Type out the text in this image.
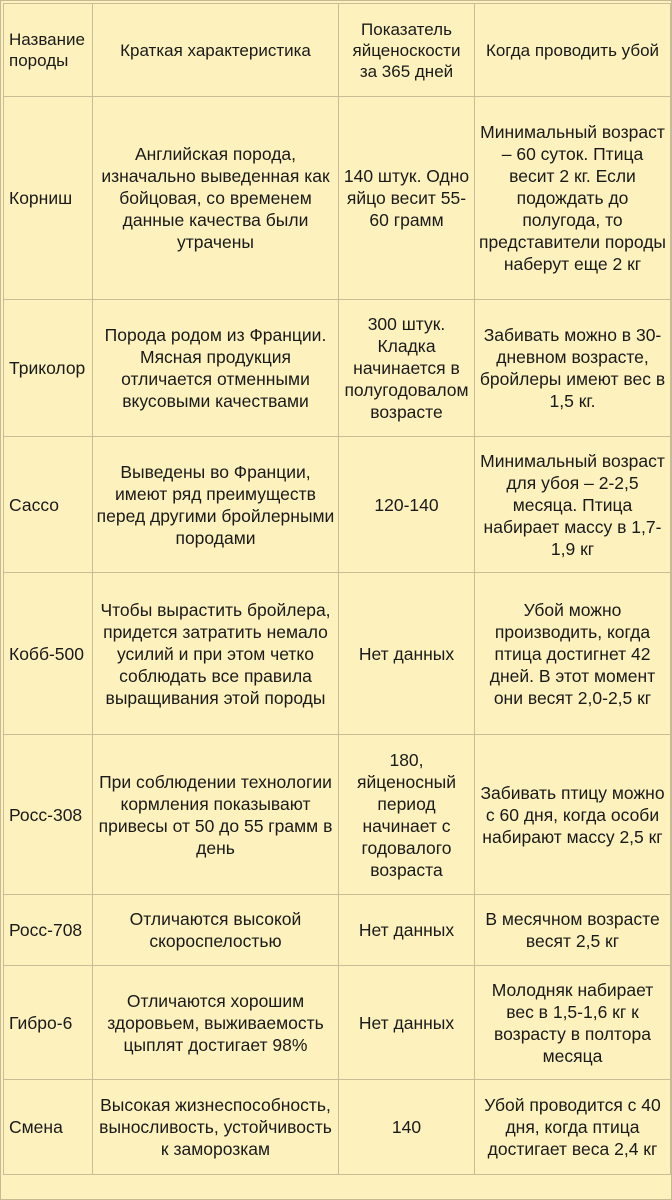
Название породы	Краткая характеристика	Показатель яйценоскости за 365 дней	Когда проводить убой
Корниш	Английская порода, изначально выведенная как бойцовая, со временем данные качества были утрачены	140 штук. Одно яйцо весит 55-60 грамм	Минимальный возраст – 60 суток. Птица весит 2 кг. Если подождать до полугода, то представители породы наберут еще 2 кг
Триколор	Порода родом из Франции. Мясная продукция отличается отменными вкусовыми качествами	300 штук. Кладка начинается в полугодовалом возрасте	Забивать можно в 30-дневном возрасте, бройлеры имеют вес в 1,5 кг.
Сассо	Выведены во Франции, имеют ряд преимуществ перед другими бройлерными породами	120-140	Минимальный возраст для убоя – 2-2,5 месяца. Птица набирает массу в 1,7-1,9 кг
Кобб-500	Чтобы вырастить бройлера, придется затратить немало усилий и при этом четко соблюдать все правила выращивания этой породы	Нет данных	Убой можно производить, когда птица достигнет 42 дней. В этот момент они весят 2,0-2,5 кг
Росс-308	При соблюдении технологии кормления показывают привесы от 50 до 55 грамм в день	180, яйценосный период начинает с годовалого возраста	Забивать птицу можно с 60 дня, когда особи набирают массу 2,5 кг
Росс-708	Отличаются высокой скороспелостью	Нет данных	В месячном возрасте весят 2,5 кг
Гибро-6	Отличаются хорошим здоровьем, выживаемость цыплят достигает 98%	Нет данных	Молодняк набирает вес в 1,5-1,6 кг к возрасту в полтора месяца
Смена	Высокая жизнеспособность, выносливость, устойчивость к заморозкам	140	Убой проводится с 40 дня, когда птица достигает веса 2,4 кг
